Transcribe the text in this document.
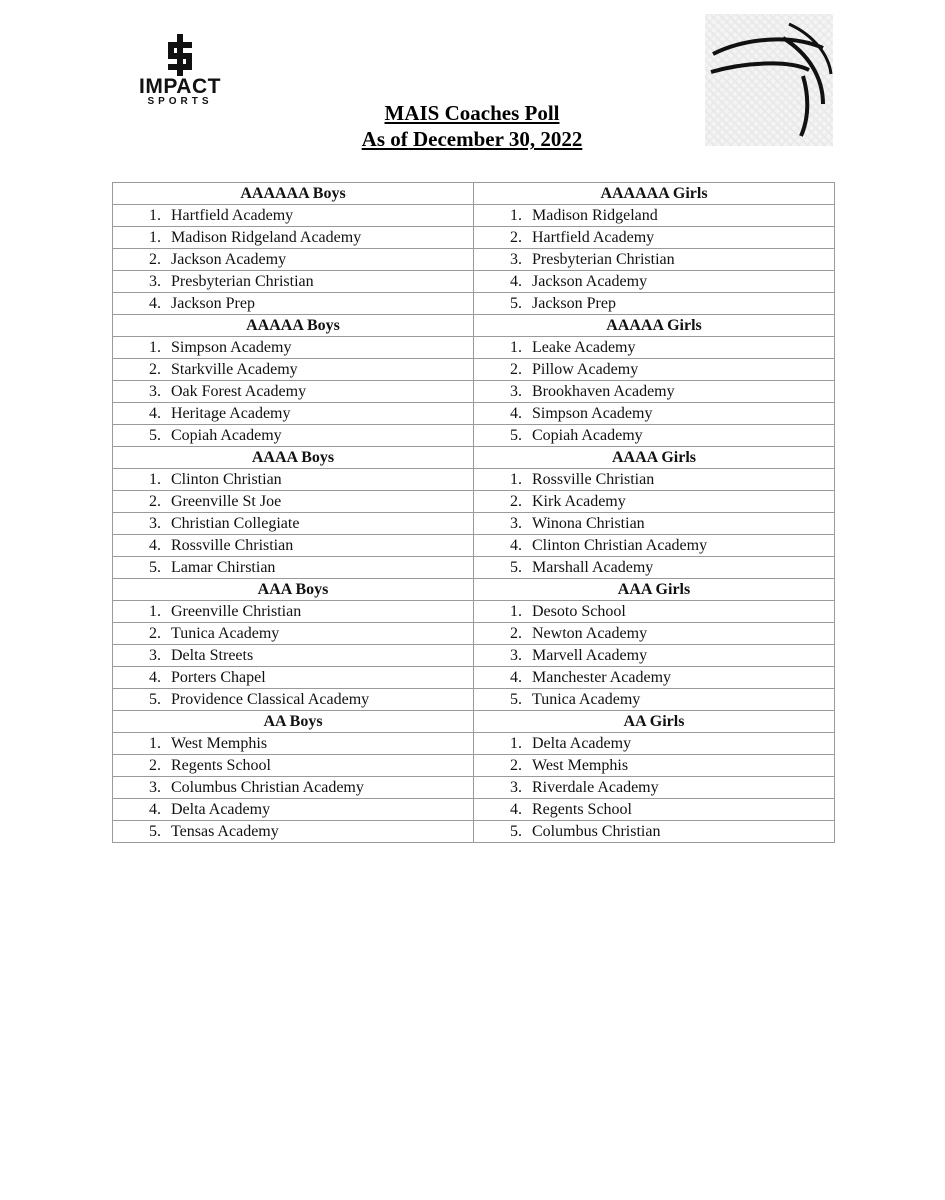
IMPACT
SPORTS	MAIS Coaches Poll
As of December 30, 2022
AAAAAA Boys	AAAAAA Girls
1. Hartfield Academy	1. Madison Ridgeland
1. Madison Ridgeland Academy	2. Hartfield Academy
2. Jackson Academy	3. Presbyterian Christian
3. Presbyterian Christian	4. Jackson Academy
4. Jackson Prep	5. Jackson Prep
AAAAA Boys	AAAAA Girls
1. Simpson Academy	1. Leake Academy
2. Starkville Academy	2. Pillow Academy
3. Oak Forest Academy	3. Brookhaven Academy
4. Heritage Academy	4. Simpson Academy
5. Copiah Academy	5. Copiah Academy
AAAA Boys	AAAA Girls
1. Clinton Christian	1. Rossville Christian
2. Greenville St Joe	2. Kirk Academy
3. Christian Collegiate	3. Winona Christian
4. Rossville Christian	4. Clinton Christian Academy
5. Lamar Chirstian	5. Marshall Academy
AAA Boys	AAA Girls
1. Greenville Christian	1. Desoto School
2. Tunica Academy	2. Newton Academy
3. Delta Streets	3. Marvell Academy
4. Porters Chapel	4. Manchester Academy
5. Providence Classical Academy	5. Tunica Academy
AA Boys	AA Girls
1. West Memphis	1. Delta Academy
2. Regents School	2. West Memphis
3. Columbus Christian Academy	3. Riverdale Academy
4. Delta Academy	4. Regents School
5. Tensas Academy	5. Columbus Christian
